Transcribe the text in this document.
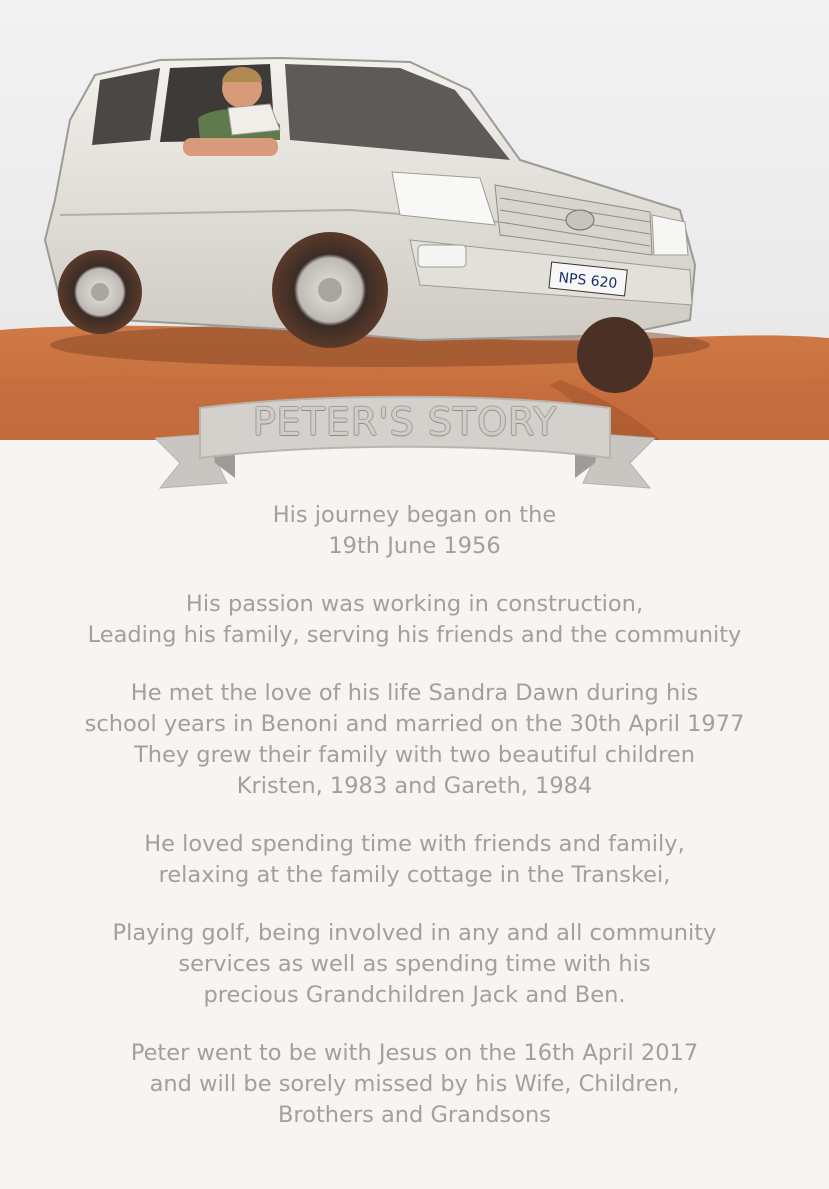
NPS 620
PETER'S STORY

His journey began on the
19th June 1956

His passion was working in construction,
Leading his family, serving his friends and the community

He met the love of his life Sandra Dawn during his
school years in Benoni and married on the 30th April 1977
They grew their family with two beautiful children
Kristen, 1983 and Gareth, 1984

He loved spending time with friends and family,
relaxing at the family cottage in the Transkei,

Playing golf, being involved in any and all community
services as well as spending time with his
precious Grandchildren Jack and Ben.

Peter went to be with Jesus on the 16th April 2017
and will be sorely missed by his Wife, Children,
Brothers and Grandsons
